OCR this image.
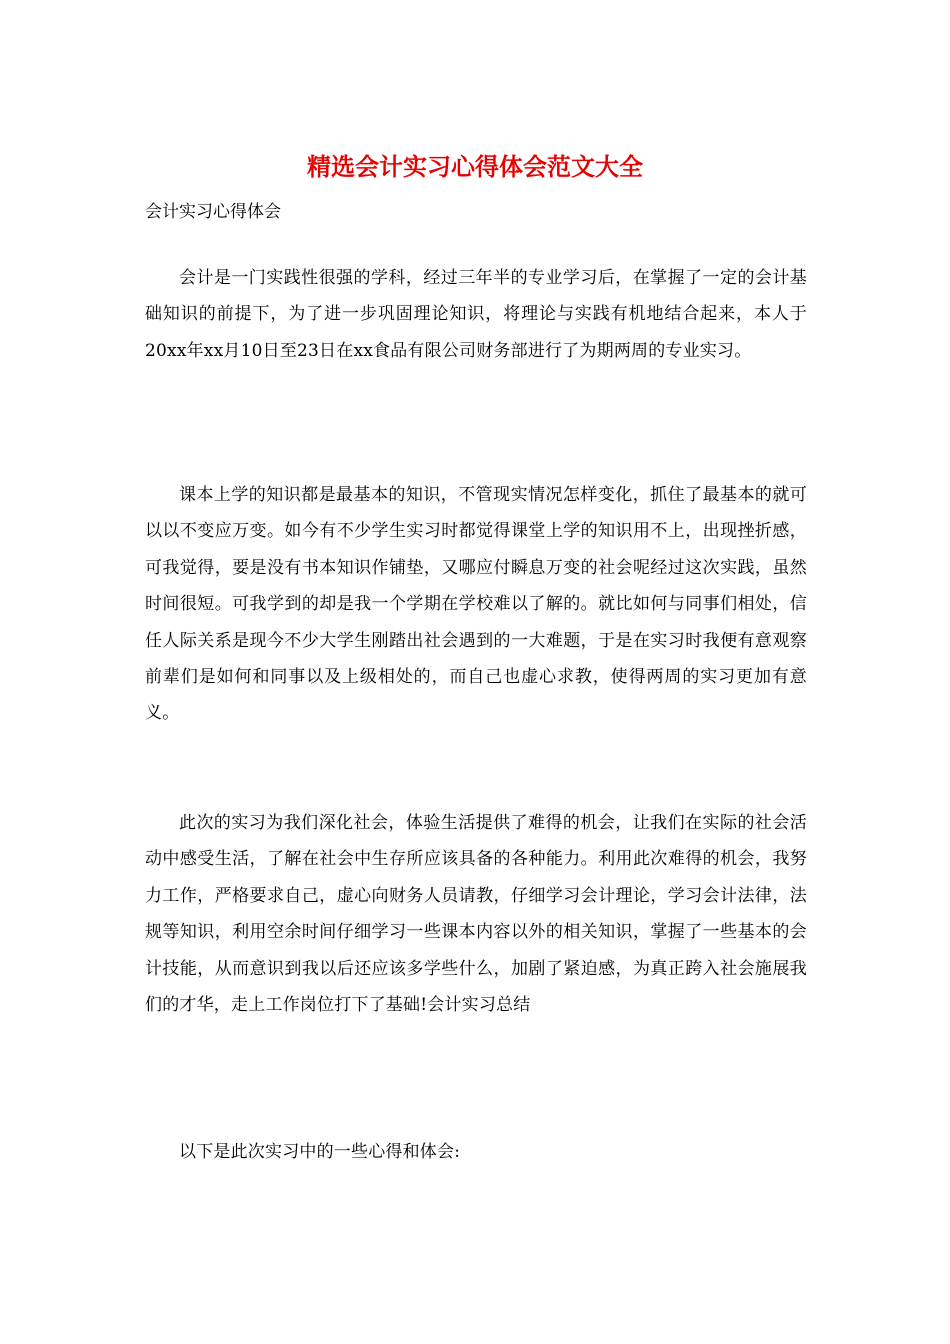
精选会计实习心得体会范文大全

会计实习心得体会

会计是一门实践性很强的学科，经过三年半的专业学习后，在掌握了一定的会计基础知识的前提下，为了进一步巩固理论知识，将理论与实践有机地结合起来，本人于20xx年xx月10日至23日在xx食品有限公司财务部进行了为期两周的专业实习。

课本上学的知识都是最基本的知识，不管现实情况怎样变化，抓住了最基本的就可以以不变应万变。如今有不少学生实习时都觉得课堂上学的知识用不上，出现挫折感，可我觉得，要是没有书本知识作铺垫，又哪应付瞬息万变的社会呢经过这次实践，虽然时间很短。可我学到的却是我一个学期在学校难以了解的。就比如何与同事们相处，信任人际关系是现今不少大学生刚踏出社会遇到的一大难题，于是在实习时我便有意观察前辈们是如何和同事以及上级相处的，而自己也虚心求教，使得两周的实习更加有意义。

此次的实习为我们深化社会，体验生活提供了难得的机会，让我们在实际的社会活动中感受生活，了解在社会中生存所应该具备的各种能力。利用此次难得的机会，我努力工作，严格要求自己，虚心向财务人员请教，仔细学习会计理论，学习会计法律，法规等知识，利用空余时间仔细学习一些课本内容以外的相关知识，掌握了一些基本的会计技能，从而意识到我以后还应该多学些什么，加剧了紧迫感，为真正跨入社会施展我们的才华，走上工作岗位打下了基础!会计实习总结

以下是此次实习中的一些心得和体会:
